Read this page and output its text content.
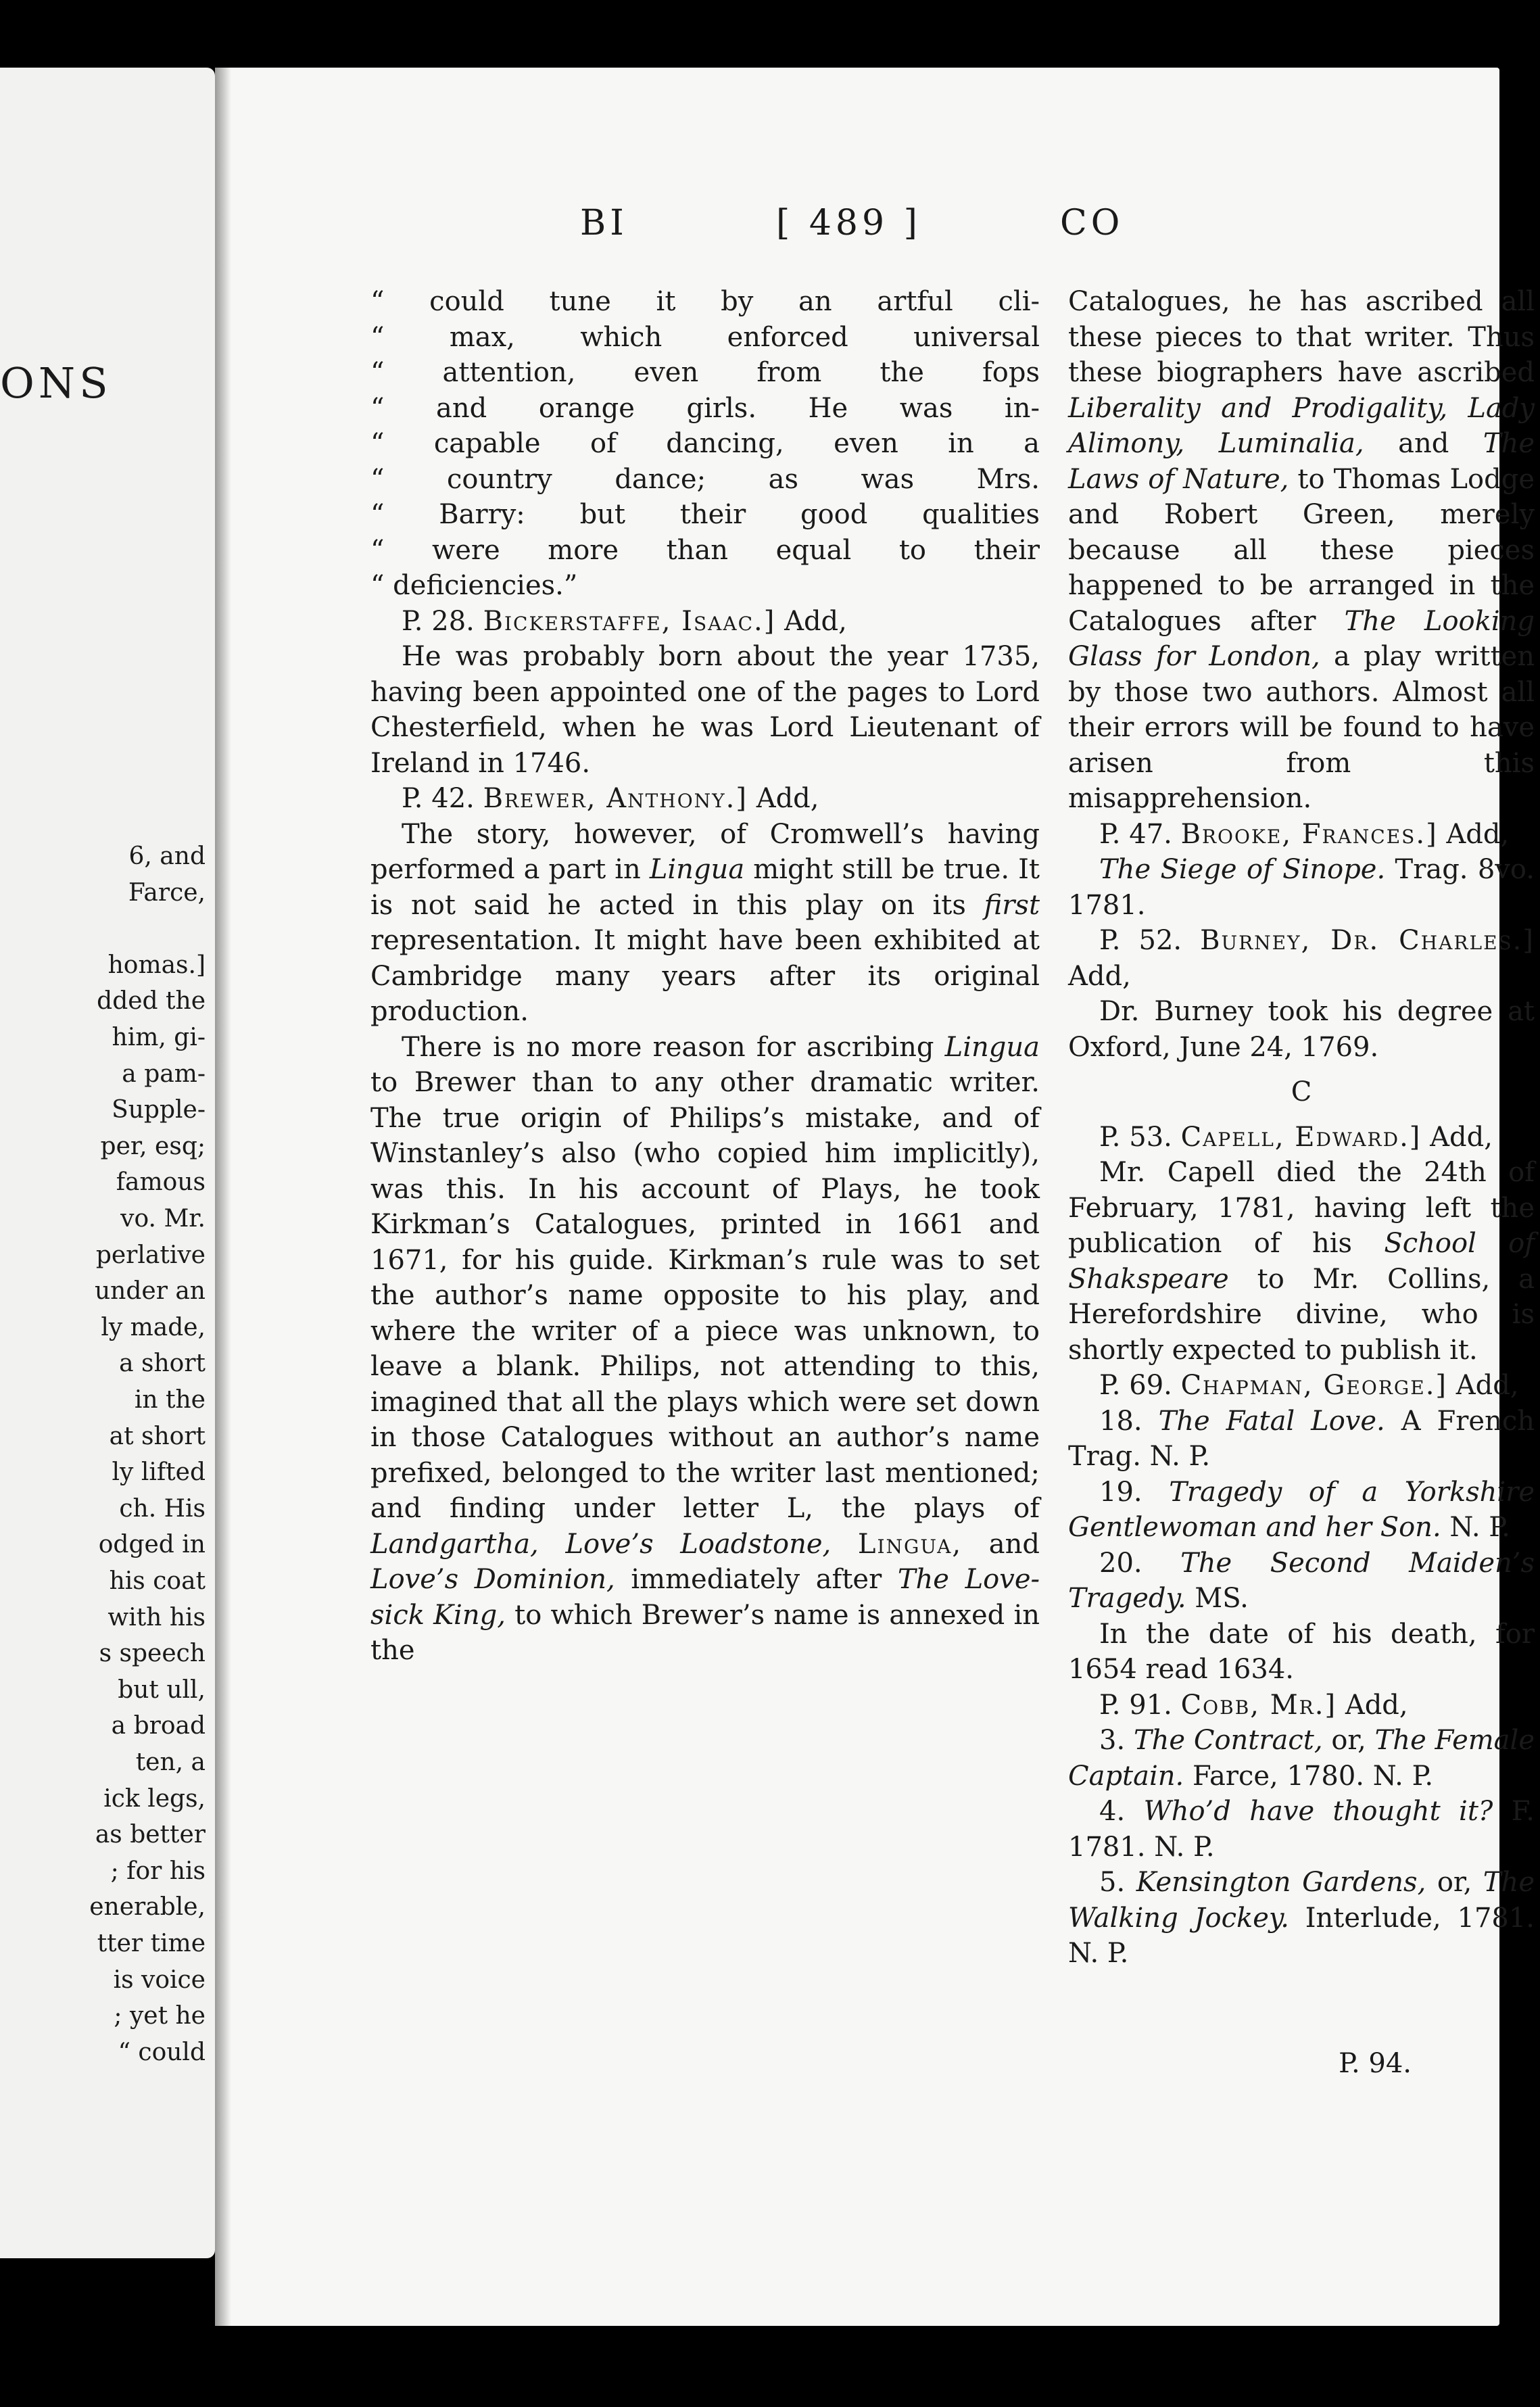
ONS
6, and
Farce,
homas.]
dded the
him, gi-
a pam-
Supple-
per, esq;
famous
vo. Mr.
perlative
under an
ly made,
a short
in the
at short
ly lifted
ch. His
odged in
his coat
with his
s speech
but ull,
a broad
ten, a
ick legs,
as better
; for his
enerable,
tter time
is voice
; yet he
“ could
BI	[ 489 ]	CO
“ could tune it by an artful cli-
“ max, which enforced universal
“ attention, even from the fops
“ and orange girls. He was in-
“ capable of dancing, even in a
“ country dance; as was Mrs.
“ Barry: but their good qualities
“ were more than equal to their
“ deficiencies.”

P. 28. Bickerstaffe, Isaac.] Add,

He was probably born about the year 1735, having been appointed one of the pages to Lord Chesterfield, when he was Lord Lieutenant of Ireland in 1746.

P. 42. Brewer, Anthony.] Add,

The story, however, of Cromwell’s having performed a part in Lingua might still be true. It is not said he acted in this play on its first representation. It might have been exhibited at Cambridge many years after its original production.

There is no more reason for ascribing Lingua to Brewer than to any other dramatic writer. The true origin of Philips’s mistake, and of Winstanley’s also (who copied him implicitly), was this. In his account of Plays, he took Kirkman’s Catalogues, printed in 1661 and 1671, for his guide. Kirkman’s rule was to set the author’s name opposite to his play, and where the writer of a piece was unknown, to leave a blank. Philips, not attending to this, imagined that all the plays which were set down in those Catalogues without an author’s name prefixed, belonged to the writer last mentioned; and finding under letter L, the plays of Landgartha, Love’s Loadstone, Lingua, and Love’s Dominion, immediately after The Love-sick King, to which Brewer’s name is annexed in the

Catalogues, he has ascribed all these pieces to that writer. Thus these biographers have ascribed Liberality and Prodigality, Lady Alimony, Luminalia, and The Laws of Nature, to Thomas Lodge and Robert Green, merely because all these pieces happened to be arranged in the Catalogues after The Looking Glass for London, a play written by those two authors. Almost all their errors will be found to have arisen from this misapprehension.

P. 47. Brooke, Frances.] Add,

The Siege of Sinope. Trag. 8vo. 1781.

P. 52. Burney, Dr. Charles.] Add,

Dr. Burney took his degree at Oxford, June 24, 1769.

C

P. 53. Capell, Edward.] Add,

Mr. Capell died the 24th of February, 1781, having left the publication of his School of Shakspeare to Mr. Collins, a Herefordshire divine, who is shortly expected to publish it.

P. 69. Chapman, George.] Add,

18. The Fatal Love. A French Trag. N. P.

19. Tragedy of a Yorkshire Gentlewoman and her Son. N. P.

20. The Second Maiden’s Tragedy. MS.

In the date of his death, for 1654 read 1634.

P. 91. Cobb, Mr.] Add,

3. The Contract, or, The Female Captain. Farce, 1780. N. P.

4. Who’d have thought it? F. 1781. N. P.

5. Kensington Gardens, or, The Walking Jockey. Interlude, 1781. N. P.

P. 94.
